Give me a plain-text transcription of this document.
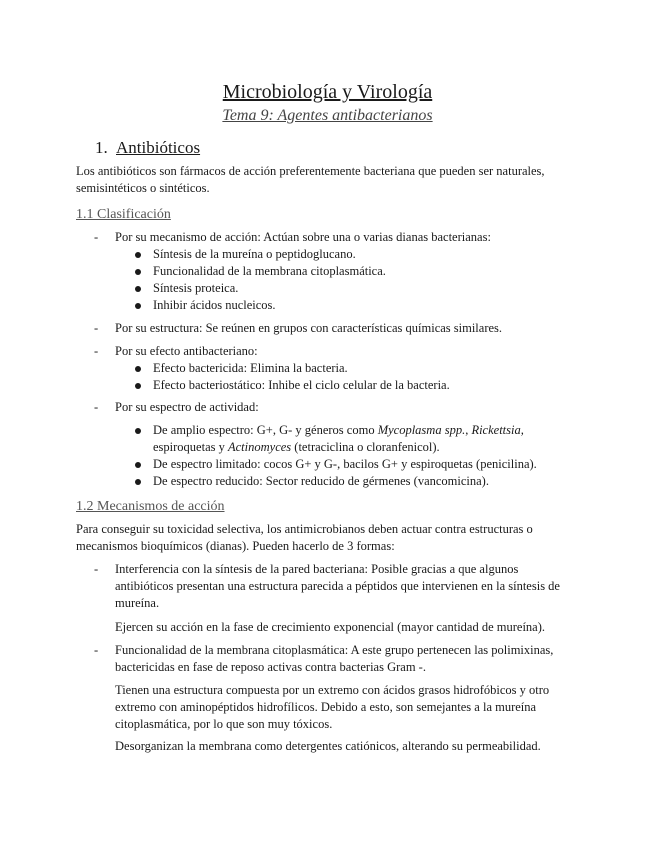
Microbiología y Virología
Tema 9: Agentes antibacterianos
1. Antibióticos
Los antibióticos son fármacos de acción preferentemente bacteriana que pueden ser naturales,
semisintéticos o sintéticos.
1.1 Clasificación
- Por su mecanismo de acción: Actúan sobre una o varias dianas bacterianas:
Síntesis de la mureína o peptidoglucano.
Funcionalidad de la membrana citoplasmática.
Síntesis proteica.
Inhibir ácidos nucleicos.
- Por su estructura: Se reúnen en grupos con características químicas similares.
- Por su efecto antibacteriano:
Efecto bactericida: Elimina la bacteria.
Efecto bacteriostático: Inhibe el ciclo celular de la bacteria.
- Por su espectro de actividad:
De amplio espectro: G+, G- y géneros como Mycoplasma spp., Rickettsia,
espiroquetas y Actinomyces (tetraciclina o cloranfenicol).
De espectro limitado: cocos G+ y G-, bacilos G+ y espiroquetas (penicilina).
De espectro reducido: Sector reducido de gérmenes (vancomicina).
1.2 Mecanismos de acción
Para conseguir su toxicidad selectiva, los antimicrobianos deben actuar contra estructuras o
mecanismos bioquímicos (dianas). Pueden hacerlo de 3 formas:
- Interferencia con la síntesis de la pared bacteriana: Posible gracias a que algunos
antibióticos presentan una estructura parecida a péptidos que intervienen en la síntesis de
mureína.
Ejercen su acción en la fase de crecimiento exponencial (mayor cantidad de mureína).
- Funcionalidad de la membrana citoplasmática: A este grupo pertenecen las polimixinas,
bactericidas en fase de reposo activas contra bacterias Gram -.
Tienen una estructura compuesta por un extremo con ácidos grasos hidrofóbicos y otro
extremo con aminopéptidos hidrofílicos. Debido a esto, son semejantes a la mureína
citoplasmática, por lo que son muy tóxicos.
Desorganizan la membrana como detergentes catiónicos, alterando su permeabilidad.
